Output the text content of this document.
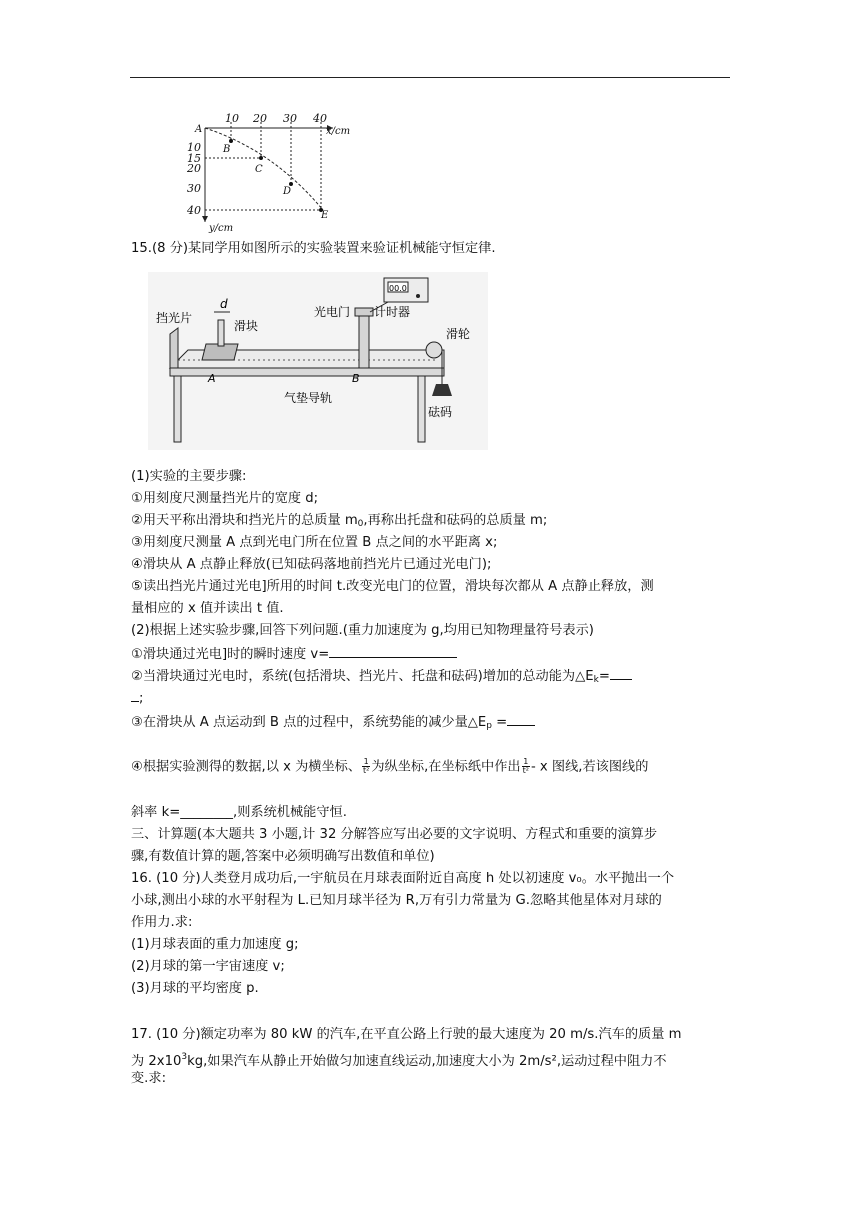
10 20 30 40
x/cm
10
15
20
30
40
y/cm
A
B
C
D
E
15.(8 分)某同学用如图所示的实验装置来验证机械能守恒定律.
挡光片
d
滑块
光电门 计时器
00.0
滑轮
A	B
气垫导轨
砝码
(1)实验的主要步骤:
①用刻度尺测量挡光片的宽度 d;
②用天平称出滑块和挡光片的总质量 $m_0$,再称出托盘和砝码的总质量 m;
③用刻度尺测量 A 点到光电门所在位置 B 点之间的水平距离 x;
④滑块从 A 点静止释放(已知砝码落地前挡光片已通过光电门);
⑤读出挡光片通过光电]所用的时间 t.改变光电门的位置，滑块每次都从 A 点静止释放，测
量相应的 x 值并读出 t 值.
(2)根据上述实验步骤,回答下列问题.(重力加速度为 g,均用已知物理量符号表示)
①滑块通过光电]时的瞬时速度 v=
②当滑块通过光电时，系统(包括滑块、挡光片、托盘和砝码)增加的总动能为$\triangle E_k=$
;
③在滑块从 A 点运动到 B 点的过程中，系统势能的减少量$\triangle E_p$ =
④根据实验测得的数据,以 x 为横坐标、 $\frac{1}{\text{t²}}$ 为纵坐标,在坐标纸中作出 $\frac{1}{\text{t²}}$ - x 图线,若该图线的
斜率 k=________,则系统机械能守恒.
三、计算题(本大题共 3 小题,计 32 分解答应写出必要的文字说明、方程式和重要的演算步
骤,有数值计算的题,答案中必须明确写出数值和单位)
16. (10 分)人类登月成功后,一宇航员在月球表面附近自高度 h 处以初速度 v₀。水平抛出一个
小球,测出小球的水平射程为 L.已知月球半径为 R,万有引力常量为 G.忽略其他星体对月球的
作用力.求:
(1)月球表面的重力加速度 g;
(2)月球的第一宇宙速度 v;
(3)月球的平均密度 p.
17. (10 分)额定功率为 80 kW 的汽车,在平直公路上行驶的最大速度为 20 m/s.汽车的质量 m
为 $2x10^3kg$,如果汽车从静止开始做匀加速直线运动,加速度大小为 2m/s²,运动过程中阻力不
变.求:
